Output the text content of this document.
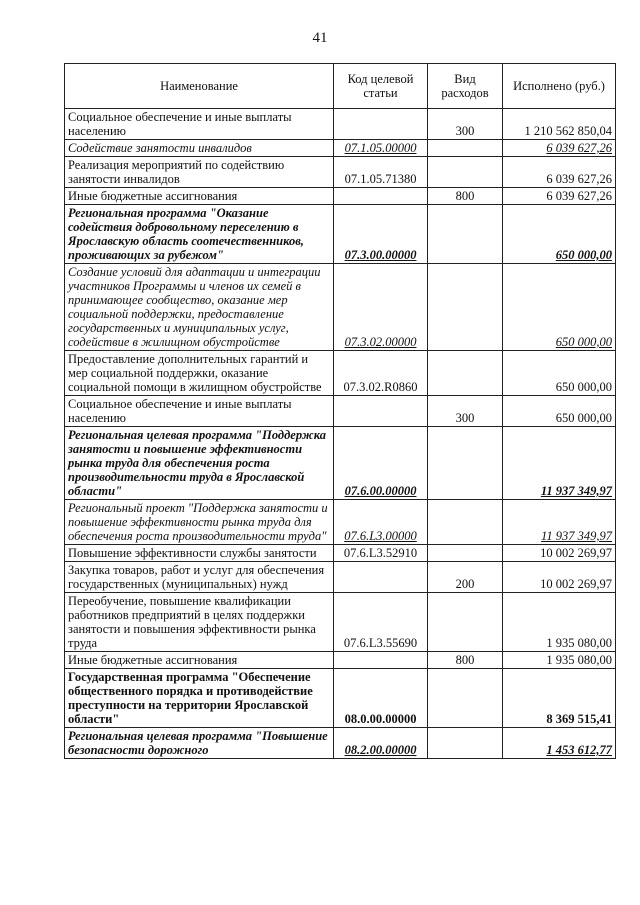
41
Наименование	Код целевой статьи	Вид расходов	Исполнено (руб.)
Социальное обеспечение и иные выплаты населению		300	1 210 562 850,04
Содействие занятости инвалидов	07.1.05.00000		6 039 627,26
Реализация мероприятий по содействию занятости инвалидов	07.1.05.71380		6 039 627,26
Иные бюджетные ассигнования		800	6 039 627,26
Региональная программа "Оказание содействия добровольному переселению в Ярославскую область соотечественников, проживающих за рубежом"	07.3.00.00000		650 000,00
Создание условий для адаптации и интеграции участников Программы и членов их семей в принимающее сообщество, оказание мер социальной поддержки, предоставление государственных и муниципальных услуг, содействие в жилищном обустройстве	07.3.02.00000		650 000,00
Предоставление дополнительных гарантий и мер социальной поддержки, оказание социальной помощи в жилищном обустройстве	07.3.02.R0860		650 000,00
Социальное обеспечение и иные выплаты населению		300	650 000,00
Региональная целевая программа "Поддержка занятости и повышение эффективности рынка труда для обеспечения роста производительности труда в Ярославской области"	07.6.00.00000		11 937 349,97
Региональный проект "Поддержка занятости и повышение эффективности рынка труда для обеспечения роста производительности труда"	07.6.L3.00000		11 937 349,97
Повышение эффективности службы занятости	07.6.L3.52910		10 002 269,97
Закупка товаров, работ и услуг для обеспечения государственных (муниципальных) нужд		200	10 002 269,97
Переобучение, повышение квалификации работников предприятий в целях поддержки занятости и повышения эффективности рынка труда	07.6.L3.55690		1 935 080,00
Иные бюджетные ассигнования		800	1 935 080,00
Государственная программа "Обеспечение общественного порядка и противодействие преступности на территории Ярославской области"	08.0.00.00000		8 369 515,41
Региональная целевая программа "Повышение безопасности дорожного	08.2.00.00000		1 453 612,77
